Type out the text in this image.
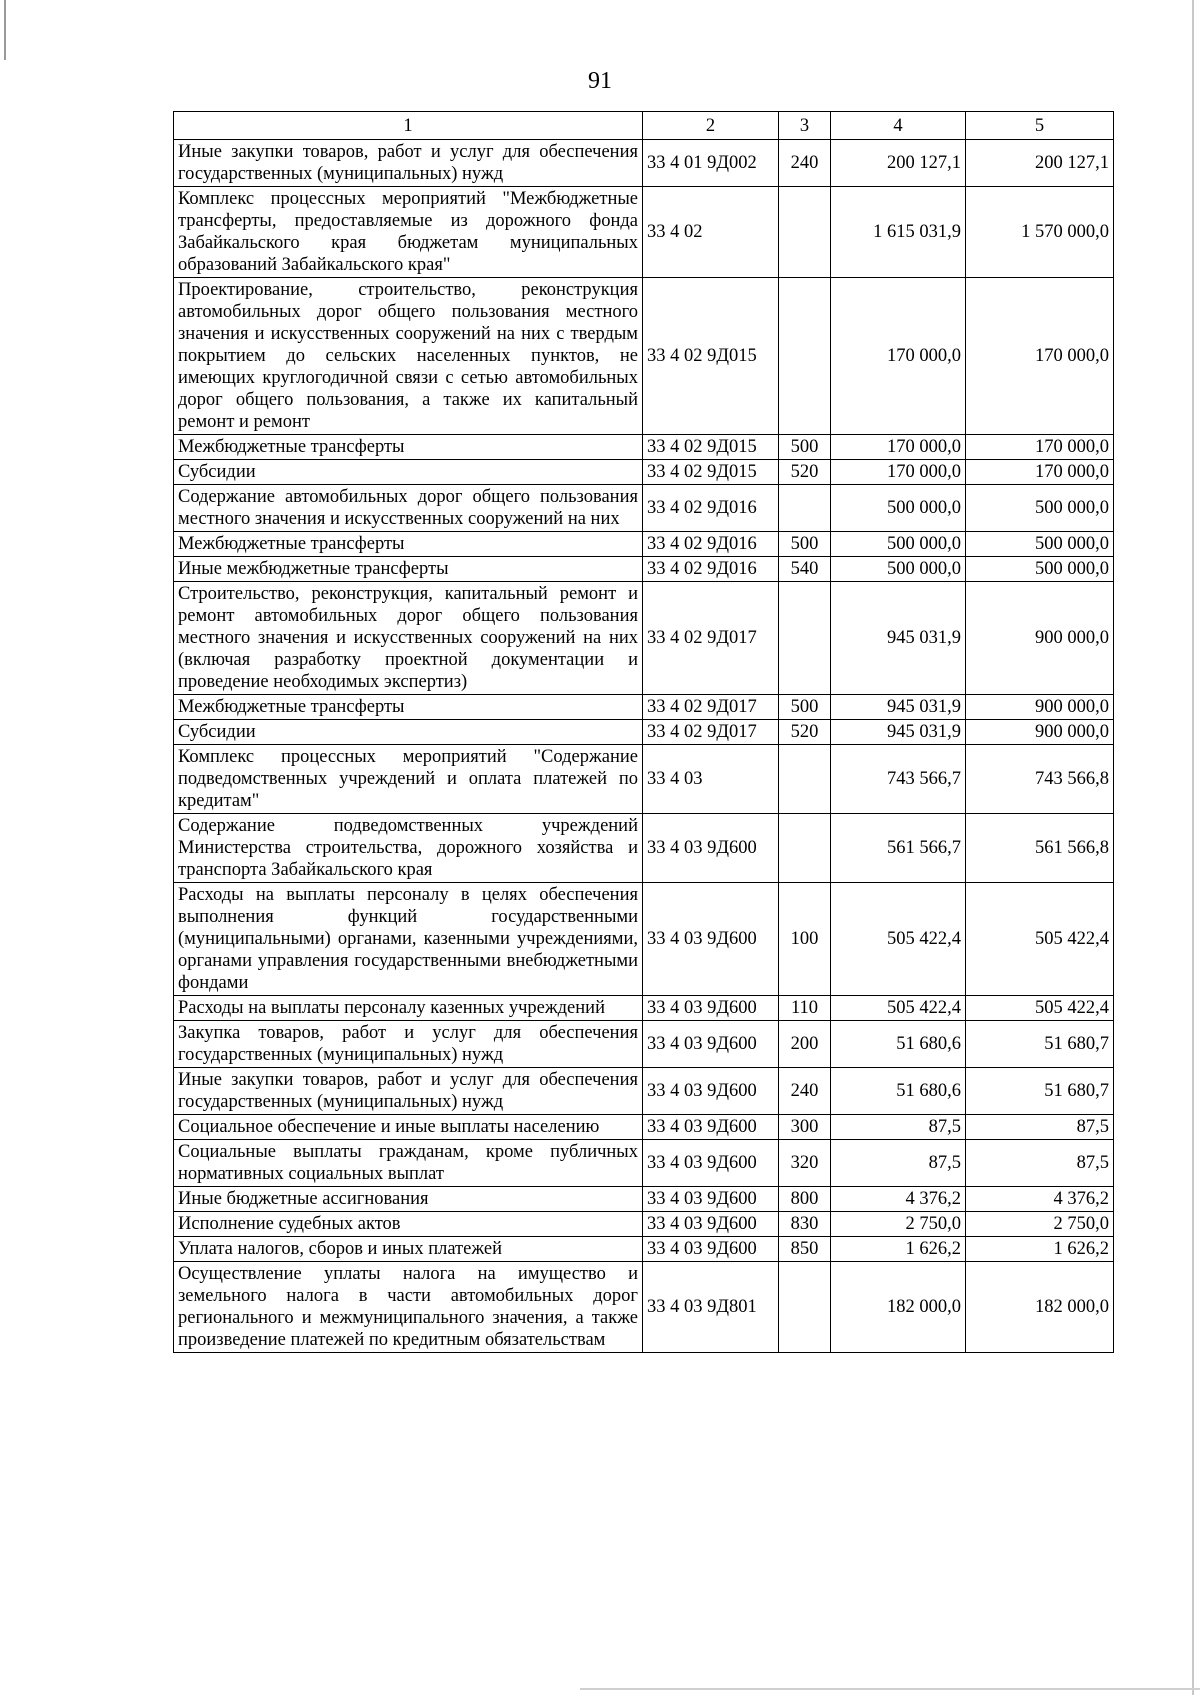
91
1	2	3	4	5
Иные закупки товаров, работ и услуг для обеспечения государственных (муниципальных) нужд	33 4 01 9Д002	240	200 127,1	200 127,1
Комплекс процессных мероприятий "Межбюджетные трансферты, предоставляемые из дорожного фонда Забайкальского края бюджетам муниципальных образований Забайкальского края"	33 4 02		1 615 031,9	1 570 000,0
Проектирование, строительство, реконструкция автомобильных дорог общего пользования местного значения и искусственных сооружений на них с твердым покрытием до сельских населенных пунктов, не имеющих круглогодичной связи с сетью автомобильных дорог общего пользования, а также их капитальный ремонт и ремонт	33 4 02 9Д015		170 000,0	170 000,0
Межбюджетные трансферты	33 4 02 9Д015	500	170 000,0	170 000,0
Субсидии	33 4 02 9Д015	520	170 000,0	170 000,0
Содержание автомобильных дорог общего пользования местного значения и искусственных сооружений на них	33 4 02 9Д016		500 000,0	500 000,0
Межбюджетные трансферты	33 4 02 9Д016	500	500 000,0	500 000,0
Иные межбюджетные трансферты	33 4 02 9Д016	540	500 000,0	500 000,0
Строительство, реконструкция, капитальный ремонт и ремонт автомобильных дорог общего пользования местного значения и искусственных сооружений на них (включая разработку проектной документации и проведение необходимых экспертиз)	33 4 02 9Д017		945 031,9	900 000,0
Межбюджетные трансферты	33 4 02 9Д017	500	945 031,9	900 000,0
Субсидии	33 4 02 9Д017	520	945 031,9	900 000,0
Комплекс процессных мероприятий "Содержание подведомственных учреждений и оплата платежей по кредитам"	33 4 03		743 566,7	743 566,8
Содержание подведомственных учреждений Министерства строительства, дорожного хозяйства и транспорта Забайкальского края	33 4 03 9Д600		561 566,7	561 566,8
Расходы на выплаты персоналу в целях обеспечения выполнения функций государственными (муниципальными) органами, казенными учреждениями, органами управления государственными внебюджетными фондами	33 4 03 9Д600	100	505 422,4	505 422,4
Расходы на выплаты персоналу казенных учреждений	33 4 03 9Д600	110	505 422,4	505 422,4
Закупка товаров, работ и услуг для обеспечения государственных (муниципальных) нужд	33 4 03 9Д600	200	51 680,6	51 680,7
Иные закупки товаров, работ и услуг для обеспечения государственных (муниципальных) нужд	33 4 03 9Д600	240	51 680,6	51 680,7
Социальное обеспечение и иные выплаты населению	33 4 03 9Д600	300	87,5	87,5
Социальные выплаты гражданам, кроме публичных нормативных социальных выплат	33 4 03 9Д600	320	87,5	87,5
Иные бюджетные ассигнования	33 4 03 9Д600	800	4 376,2	4 376,2
Исполнение судебных актов	33 4 03 9Д600	830	2 750,0	2 750,0
Уплата налогов, сборов и иных платежей	33 4 03 9Д600	850	1 626,2	1 626,2
Осуществление уплаты налога на имущество и земельного налога в части автомобильных дорог регионального и межмуниципального значения, а также произведение платежей по кредитным обязательствам	33 4 03 9Д801		182 000,0	182 000,0
